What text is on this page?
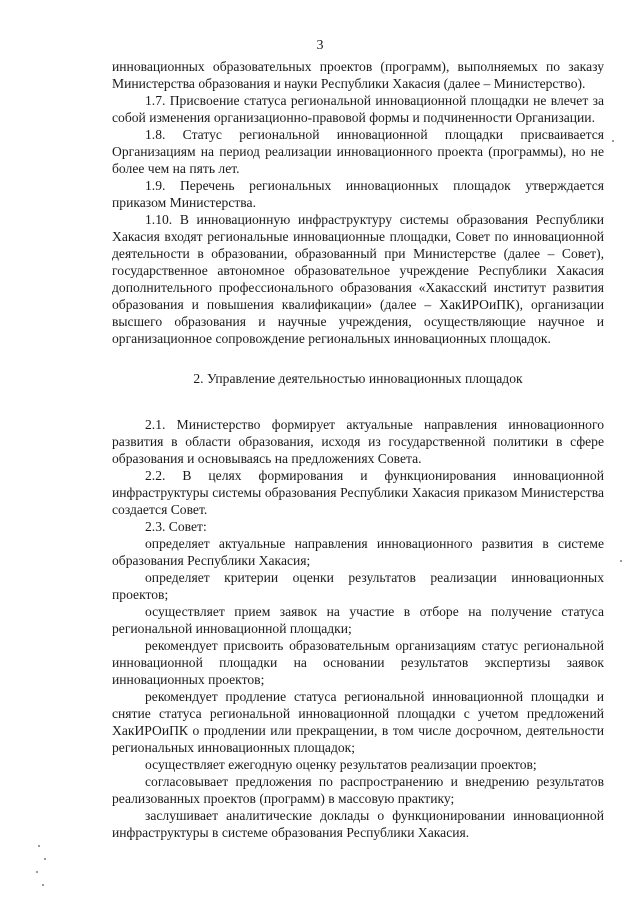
3

инновационных образовательных проектов (программ), выполняемых по заказу Министерства образования и науки Республики Хакасия (далее – Министерство).

1.7. Присвоение статуса региональной инновационной площадки не влечет за собой изменения организационно-правовой формы и подчиненности Организации.

1.8. Статус региональной инновационной площадки присваивается Организациям на период реализации инновационного проекта (программы), но не более чем на пять лет.

1.9. Перечень региональных инновационных площадок утверждается приказом Министерства.

1.10. В инновационную инфраструктуру системы образования Республики Хакасия входят региональные инновационные площадки, Совет по инновационной деятельности в образовании, образованный при Министерстве (далее – Совет), государственное автономное образовательное учреждение Республики Хакасия дополнительного профессионального образования «Хакасский институт развития образования и повышения квалификации» (далее – ХакИРОиПК), организации высшего образования и научные учреждения, осуществляющие научное и организационное сопровождение региональных инновационных площадок.

2. Управление деятельностью инновационных площадок

2.1. Министерство формирует актуальные направления инновационного развития в области образования, исходя из государственной политики в сфере образования и основываясь на предложениях Совета.

2.2. В целях формирования и функционирования инновационной инфраструктуры системы образования Республики Хакасия приказом Министерства создается Совет.

2.3. Совет:

определяет актуальные направления инновационного развития в системе образования Республики Хакасия;

определяет критерии оценки результатов реализации инновационных проектов;

осуществляет прием заявок на участие в отборе на получение статуса региональной инновационной площадки;

рекомендует присвоить образовательным организациям статус региональной инновационной площадки на основании результатов экспертизы заявок инновационных проектов;

рекомендует продление статуса региональной инновационной площадки и снятие статуса региональной инновационной площадки с учетом предложений ХакИРОиПК о продлении или прекращении, в том числе досрочном, деятельности региональных инновационных площадок;

осуществляет ежегодную оценку результатов реализации проектов;

согласовывает предложения по распространению и внедрению результатов реализованных проектов (программ) в массовую практику;

заслушивает аналитические доклады о функционировании инновационной инфраструктуры в системе образования Республики Хакасия.
